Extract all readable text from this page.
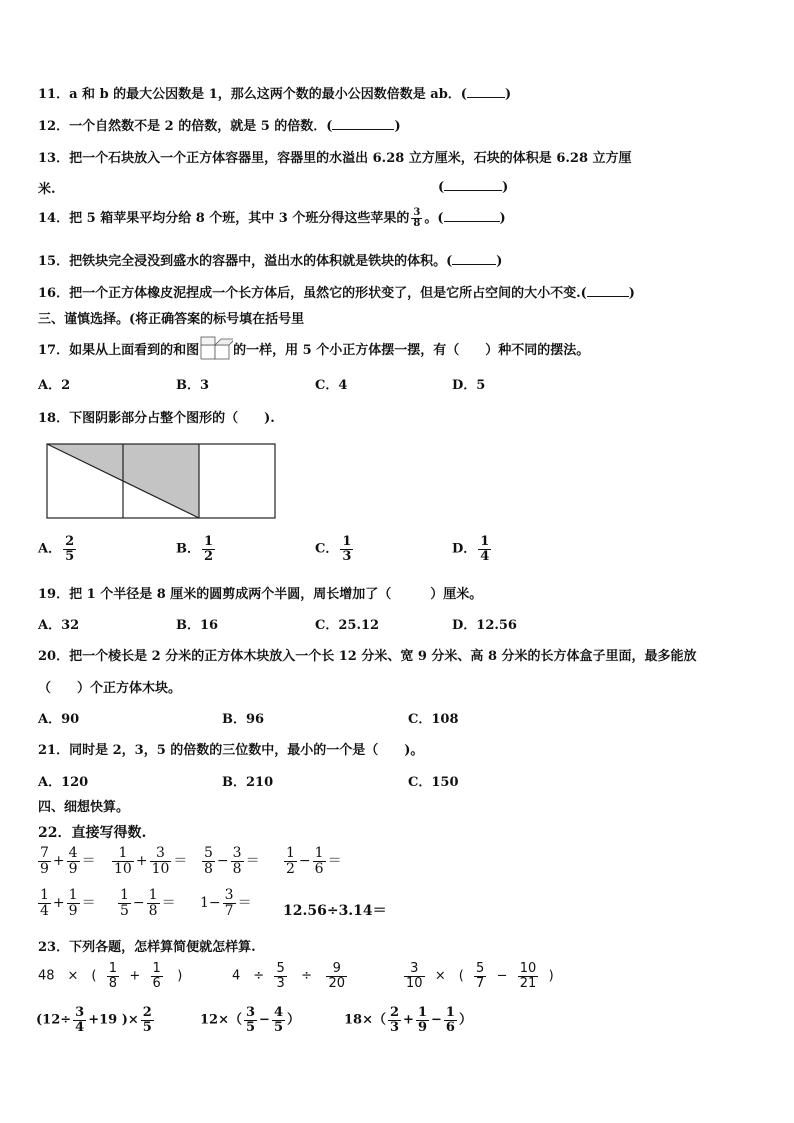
11．a 和 b 的最大公因数是 1，那么这两个数的最小公因数倍数是 ab．(	)
12．一个自然数不是 2 的倍数，就是 5 的倍数．(	)
13．把一个石块放入一个正方体容器里，容器里的水溢出 6.28 立方厘米，石块的体积是 6.28 立方厘
米.	(	)
14．把 5 箱苹果平均分给 8 个班，其中 3 个班分得这些苹果的 $\frac{3}{8}$ 。(	)
15．把铁块完全浸没到盛水的容器中，溢出水的体积就是铁块的体积。(	)
16．把一个正方体橡皮泥捏成一个长方体后，虽然它的形状变了，但是它所占空间的大小不变.(	)
三、谨慎选择。(将正确答案的标号填在括号里
17．如果从上面看到的和图	的一样，用 5 个小正方体摆一摆，有（　　）种不同的摆法。
A．2	B．3	C．4	D．5
18．下图阴影部分占整个图形的（　　).
A． $\frac{2}{5}$	B． $\frac{1}{2}$	C． $\frac{1}{3}$	D． $\frac{1}{4}$
19．把 1 个半径是 8 厘米的圆剪成两个半圆，周长增加了（　　　）厘米。
A．32	B．16	C．25.12	D．12.56
20．把一个棱长是 2 分米的正方体木块放入一个长 12 分米、宽 9 分米、高 8 分米的长方体盒子里面，最多能放
（　　）个正方体木块。
A．90	B．96	C．108
21．同时是 2，3，5 的倍数的三位数中，最小的一个是（　　)。
A．120	B．210	C．150
四、细想快算。
22．直接写得数.
$\frac{7}{9} + \frac{4}{9} = \frac{1}{10} + \frac{3}{10} = \frac{5}{8} - \frac{3}{8} = \frac{1}{2} - \frac{1}{6}$ ＝
$\frac{1}{4} + \frac{1}{9} = \frac{1}{5} - \frac{1}{8} = 1- \frac{3}{7} = 12.56\div 3.14=$
23．下列各题，怎样算简便就怎样算.
48　×　( $\frac{1}{8} + \frac{1}{6}$ )	4　÷ $\frac{5}{3} \div \frac{9}{20}$	$\frac{3}{10}$ ×　( $\frac{5}{7} - \frac{10}{21}$ )
($12\div \frac{3}{4} +19$ )× $\frac{2}{5}$	$12\times( \frac{3}{5} - \frac{4}{5}$ ）	$18\times( \frac{2}{3} + \frac{1}{9} - \frac{1}{6}$ ）
